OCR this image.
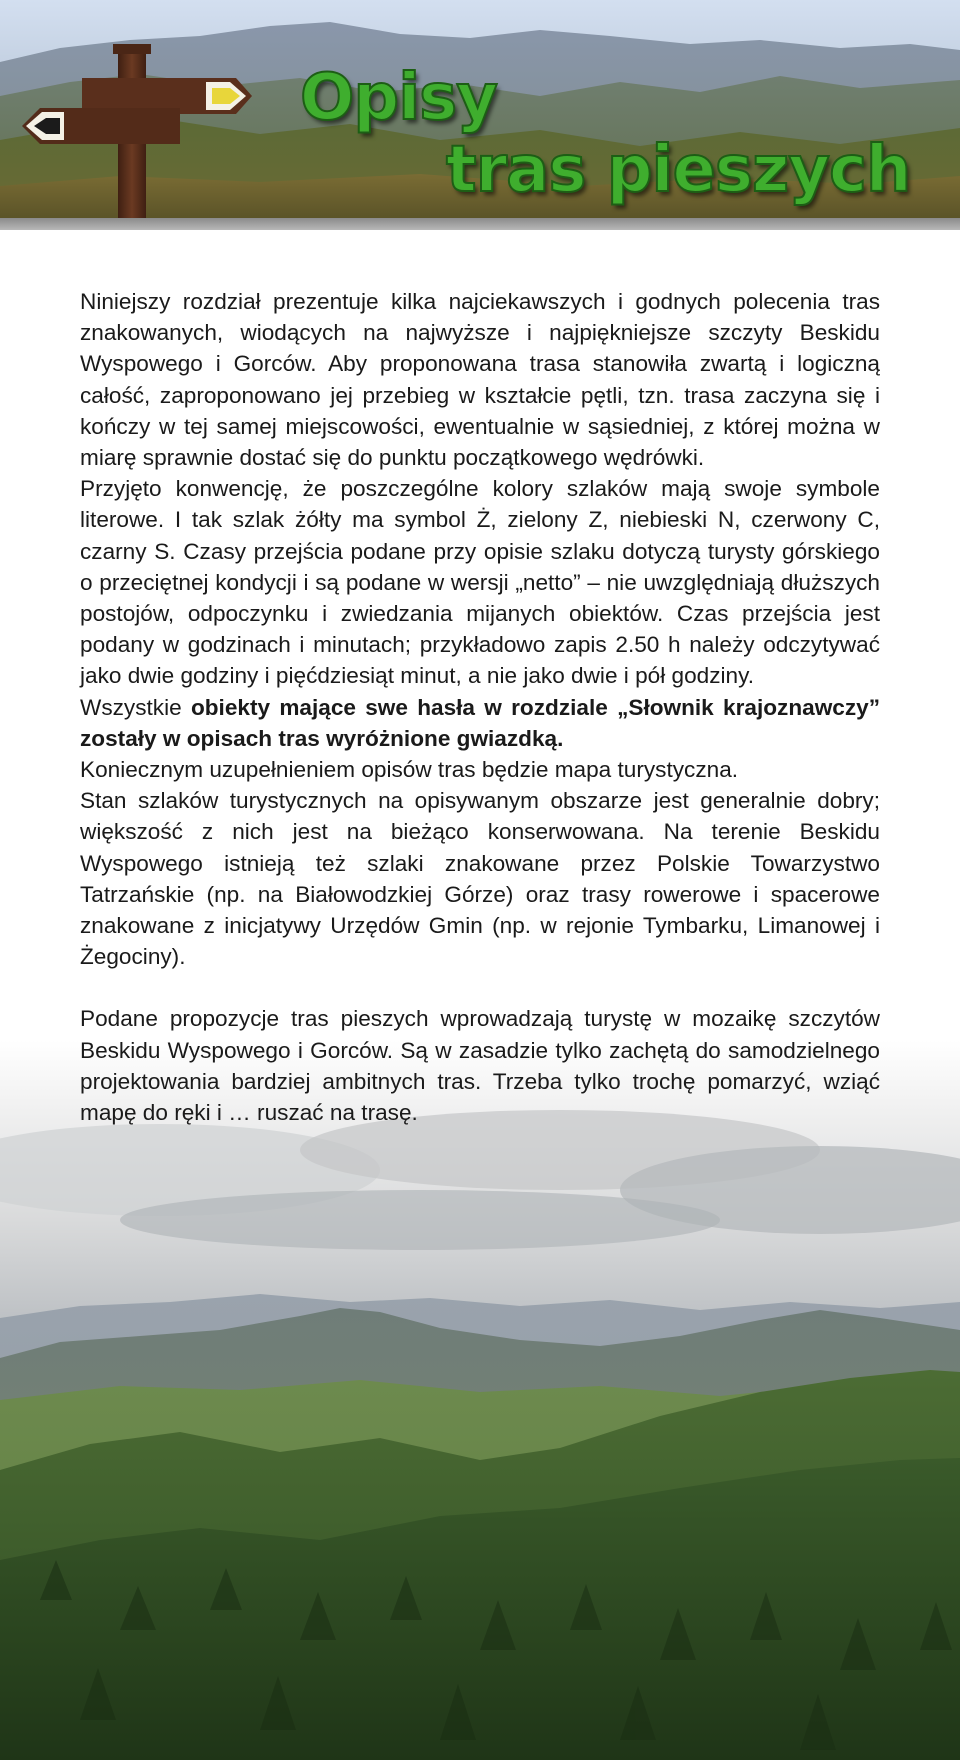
Opisy
tras pieszych

Niniejszy rozdział prezentuje kilka najciekawszych i godnych polecenia tras znakowanych, wiodących na najwyższe i najpiękniejsze szczyty Beskidu Wyspowego i Gorców. Aby proponowana trasa stanowiła zwartą i logiczną całość, zaproponowano jej przebieg w kształcie pętli, tzn. trasa zaczyna się i kończy w tej samej miejscowości, ewentualnie w sąsiedniej, z której można w miarę sprawnie dostać się do punktu początkowego wędrówki.

Przyjęto konwencję, że poszczególne kolory szlaków mają swoje symbole literowe. I tak szlak żółty ma symbol Ż, zielony Z, niebieski N, czerwony C, czarny S. Czasy przejścia podane przy opisie szlaku dotyczą turysty górskiego o przeciętnej kondycji i są podane w wersji „netto” – nie uwzględniają dłuższych postojów, odpoczynku i zwiedzania mijanych obiektów. Czas przejścia jest podany w godzinach i minutach; przykładowo zapis 2.50 h należy odczytywać jako dwie godziny i pięćdziesiąt minut, a nie jako dwie i pół godziny.

Wszystkie obiekty mające swe hasła w rozdziale „Słownik krajoznawczy” zostały w opisach tras wyróżnione gwiazdką.

Koniecznym uzupełnieniem opisów tras będzie mapa turystyczna.

Stan szlaków turystycznych na opisywanym obszarze jest generalnie dobry; większość z nich jest na bieżąco konserwowana. Na terenie Beskidu Wyspowego istnieją też szlaki znakowane przez Polskie Towarzystwo Tatrzańskie (np. na Białowodzkiej Górze) oraz trasy rowerowe i spacerowe znakowane z inicjatywy Urzędów Gmin (np. w rejonie Tymbarku, Limanowej i Żegociny).

Podane propozycje tras pieszych wprowadzają turystę w mozaikę szczytów Beskidu Wyspowego i Gorców. Są w zasadzie tylko zachętą do samodzielnego projektowania bardziej ambitnych tras. Trzeba tylko trochę pomarzyć, wziąć mapę do ręki i … ruszać na trasę.
